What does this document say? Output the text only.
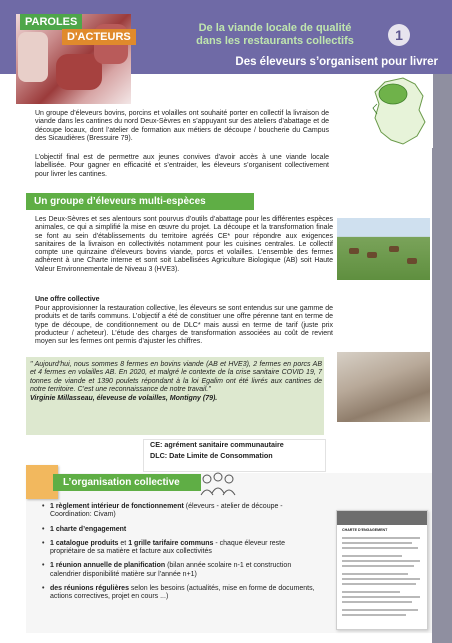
PAROLES
D'ACTEURS
De la viande locale de qualité
dans les restaurants collectifs	1
Des éleveurs s’organisent pour livrer
Un groupe d’éleveurs bovins, porcins et volailles ont souhaité porter en collectif la livraison de viande dans les cantines du nord Deux-Sèvres en s’appuyant sur des ateliers d’abattage et de découpe locaux, dont l’atelier de formation aux métiers de découpe / boucherie du Campus des Sicaudières (Bressuire 79).
L’objectif final est de permettre aux jeunes convives d’avoir accès à une viande locale labellisée. Pour gagner en efficacité et s’entraider, les éleveurs s’organisent collectivement pour livrer les cantines.
Un groupe d’éleveurs multi-espèces
Les Deux-Sèvres et ses alentours sont pourvus d’outils d’abattage pour les différentes espèces animales, ce qui a simplifié la mise en œuvre du projet. La découpe et la transformation finale se font au sein d’établissements du territoire agréés CE* pour répondre aux exigences sanitaires de la livraison en collectivités notamment pour les cuisines centrales. Le collectif compte une quinzaine d’éleveurs bovins viande, porcs et volailles. L’ensemble des fermes adhèrent à une Charte interne et sont soit Labellisées Agriculture Biologique (AB) soit Haute Valeur Environnementale de Niveau 3 (HVE3).
Une offre collective
Pour approvisionner la restauration collective, les éleveurs se sont entendus sur une gamme de produits et de tarifs communs. L’objectif a été de constituer une offre pérenne tant en terme de type de découpe, de conditionnement ou de DLC* mais aussi en terme de tarif (juste prix producteur / acheteur). L’étude des charges de transformation associées au coût de revient moyen sur les fermes ont permis d’ajuster les chiffres.
" Aujourd’hui, nous sommes 8 fermes en bovins viande (AB et HVE3), 2 fermes en porcs AB et 4 fermes en volailles AB. En 2020, et malgré le contexte de la crise sanitaire COVID 19, 7 tonnes de viande et 1390 poulets répondant à la loi Egalim ont été livrés aux cantines de notre territoire. C’est une reconnaissance de notre travail."
Virginie Millasseau, éleveuse de volailles, Montigny (79).
CE: agrément sanitaire communautaire
DLC: Date Limite de Consommation
L’organisation collective
• 1 règlement intérieur de fonctionnement (éleveurs - atelier de découpe - Coordination: Civam)
• 1 charte d’engagement
• 1 catalogue produits et 1 grille tarifaire communs - chaque éleveur reste propriétaire de sa matière et facture aux collectivités
• 1 réunion annuelle de planification (bilan année scolaire n-1 et construction calendrier disponibilité matière sur l’année n+1)
• des réunions régulières selon les besoins (actualités, mise en forme de documents, actions correctives, projet en cours ...)
CHARTE D’ENGAGEMENT
